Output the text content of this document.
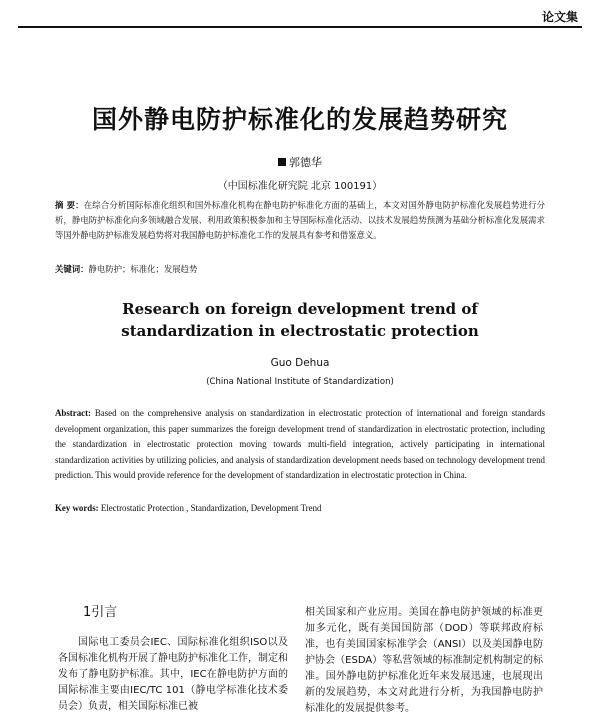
论文集
国外静电防护标准化的发展趋势研究
郭德华
（中国标准化研究院 北京 100191）
摘 要：在综合分析国际标准化组织和国外标准化机构在静电防护标准化方面的基础上，本文对国外静电防护标准化发展趋势进行分析，静电防护标准化向多领域融合发展、利用政策积极参加和主导国际标准化活动、以技术发展趋势预测为基础分析标准化发展需求等国外静电防护标准发展趋势将对我国静电防护标准化工作的发展具有参考和借鉴意义。
关键词：静电防护；标准化；发展趋势
Research on foreign development trend of standardization in electrostatic protection
Guo Dehua
(China National Institute of Standardization)
Abstract: Based on the comprehensive analysis on standardization in electrostatic protection of international and foreign standards development organization, this paper summarizes the foreign development trend of standardization in electrostatic protection, including the standardization in electrostatic protection moving towards multi-field integration, actively participating in international standardization activities by utilizing policies, and analysis of standardization development needs based on technology development trend prediction. This would provide reference for the development of standardization in electrostatic protection in China.
Key words: Electrostatic Protection , Standardization, Development Trend
1引言
国际电工委员会IEC、国际标准化组织ISO以及各国标准化机构开展了静电防护标准化工作，制定和发布了静电防护标准。其中，IEC在静电防护方面的国际标准主要由IEC/TC 101（静电学标准化技术委员会）负责，相关国际标准已被
相关国家和产业应用。美国在静电防护领域的标准更加多元化，既有美国国防部（DOD）等联邦政府标准，也有美国国家标准学会（ANSI）以及美国静电防护协会（ESDA）等私营领域的标准制定机构制定的标准。国外静电防护标准化近年来发展迅速，也展现出新的发展趋势，本文对此进行分析，为我国静电防护标准化的发展提供参考。
